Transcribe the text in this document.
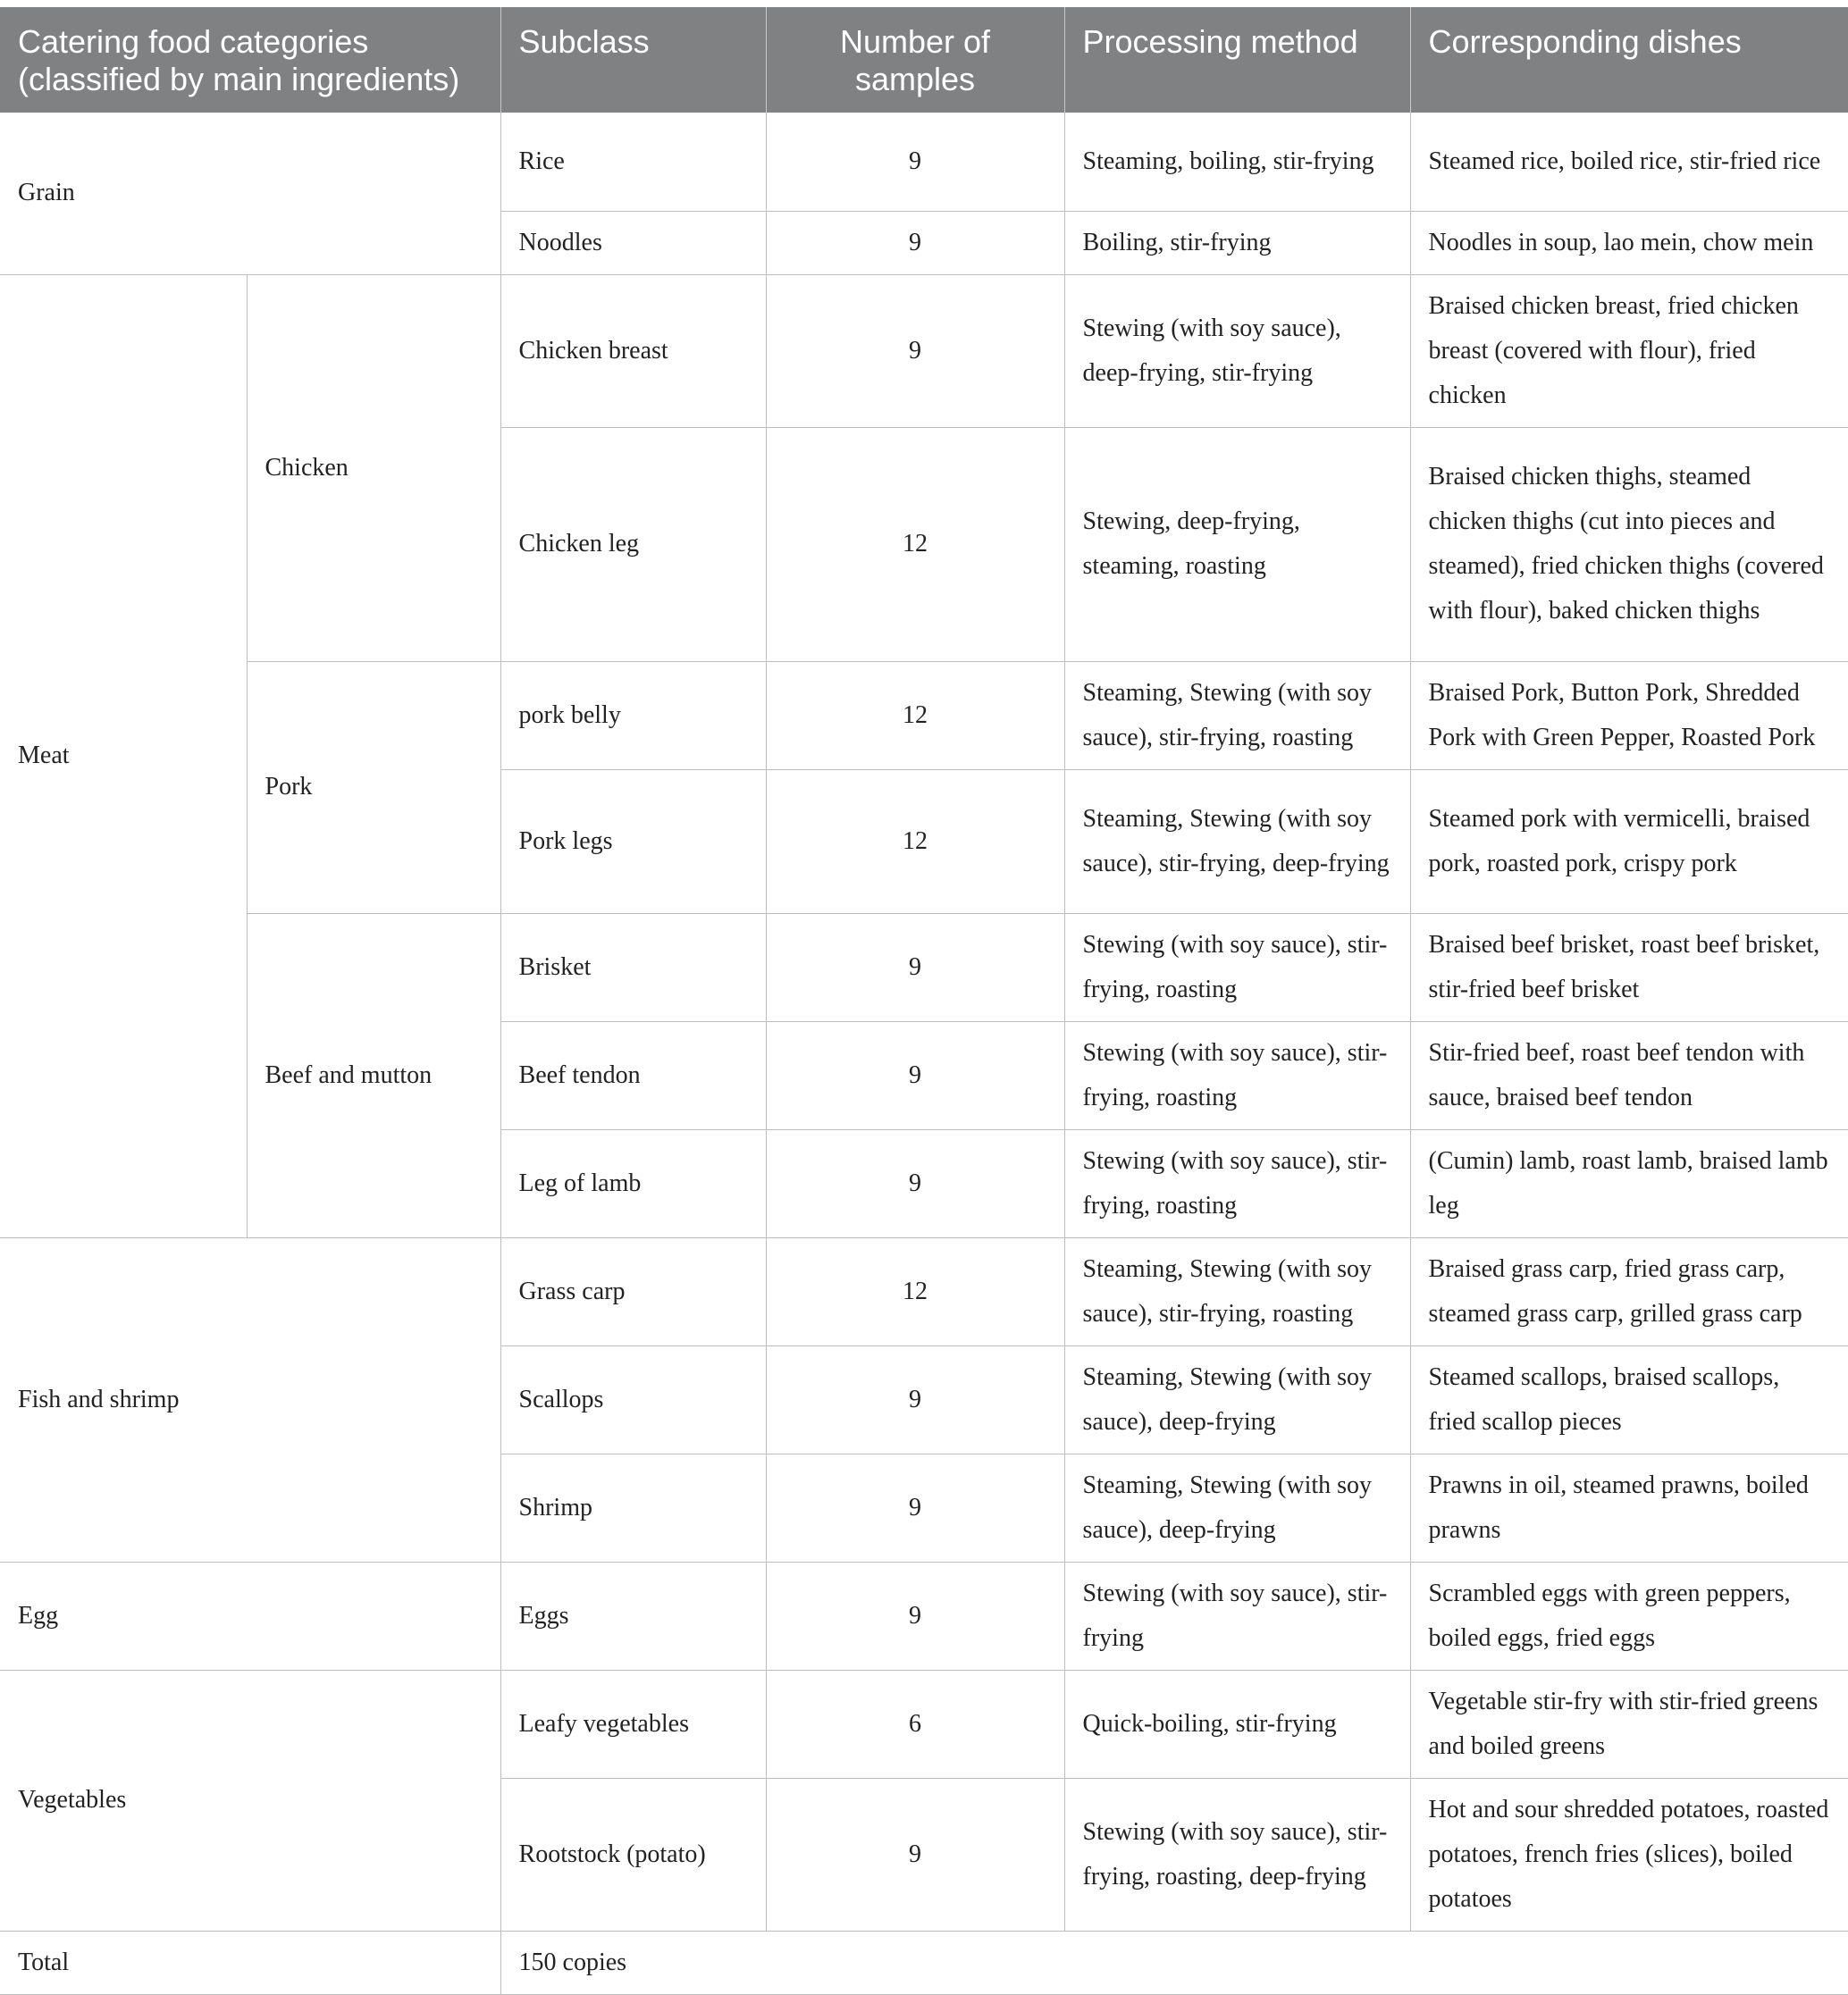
Catering food categories (classified by main ingredients)		Subclass	Number of samples	Processing method	Corresponding dishes
Grain		Rice	9	Steaming, boiling, stir-frying	Steamed rice, boiled rice, stir-fried rice
		Noodles	9	Boiling, stir-frying	Noodles in soup, lao mein, chow mein
Meat	Chicken	Chicken breast	9	Stewing (with soy sauce), deep-frying, stir-frying	Braised chicken breast, fried chicken breast (covered with flour), fried chicken
		Chicken leg	12	Stewing, deep-frying, steaming, roasting	Braised chicken thighs, steamed chicken thighs (cut into pieces and steamed), fried chicken thighs (covered with flour), baked chicken thighs
	Pork	pork belly	12	Steaming, Stewing (with soy sauce), stir-frying, roasting	Braised Pork, Button Pork, Shredded Pork with Green Pepper, Roasted Pork
		Pork legs	12	Steaming, Stewing (with soy sauce), stir-frying, deep-frying	Steamed pork with vermicelli, braised pork, roasted pork, crispy pork
	Beef and mutton	Brisket	9	Stewing (with soy sauce), stir-frying, roasting	Braised beef brisket, roast beef brisket, stir-fried beef brisket
		Beef tendon	9	Stewing (with soy sauce), stir-frying, roasting	Stir-fried beef, roast beef tendon with sauce, braised beef tendon
		Leg of lamb	9	Stewing (with soy sauce), stir-frying, roasting	(Cumin) lamb, roast lamb, braised lamb leg
Fish and shrimp		Grass carp	12	Steaming, Stewing (with soy sauce), stir-frying, roasting	Braised grass carp, fried grass carp, steamed grass carp, grilled grass carp
		Scallops	9	Steaming, Stewing (with soy sauce), deep-frying	Steamed scallops, braised scallops, fried scallop pieces
		Shrimp	9	Steaming, Stewing (with soy sauce), deep-frying	Prawns in oil, steamed prawns, boiled prawns
Egg		Eggs	9	Stewing (with soy sauce), stir-frying	Scrambled eggs with green peppers, boiled eggs, fried eggs
Vegetables		Leafy vegetables	6	Quick-boiling, stir-frying	Vegetable stir-fry with stir-fried greens and boiled greens
		Rootstock (potato)	9	Stewing (with soy sauce), stir-frying, roasting, deep-frying	Hot and sour shredded potatoes, roasted potatoes, french fries (slices), boiled potatoes
Total		150 copies			
